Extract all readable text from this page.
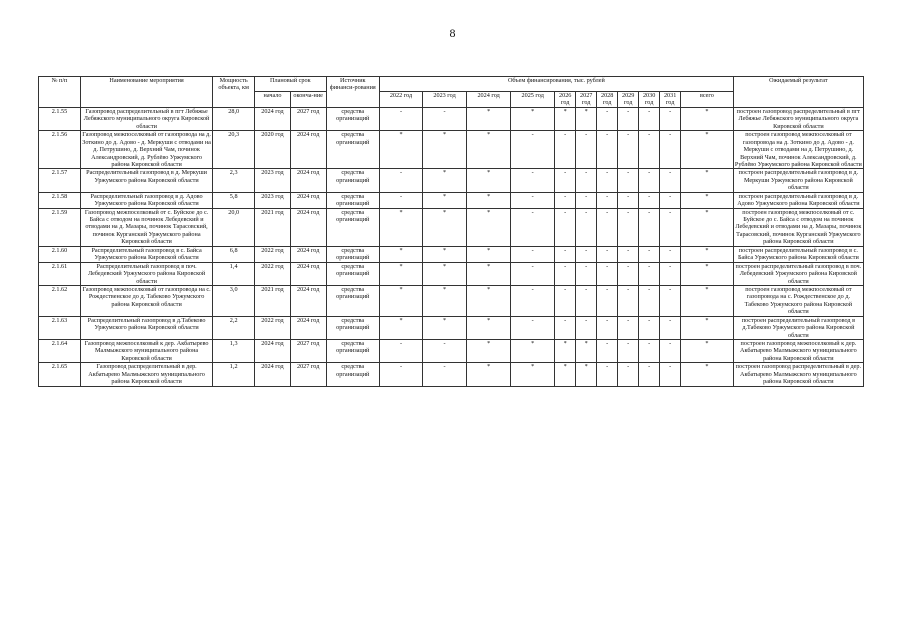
8
№ п/п	Наименование мероприятия	Мощность объекта, км	Плановый срок		Источник финанси-рования	Объем финансирования, тыс. рублей											Ожидаемый результат
			начало	оконча-ние		2022 год	2023 год	2024 год	2025 год	2026 год	2027 год	2028 год	2029 год	2030 год	2031 год	всего	

2.1.55	Газопровод распределительный в пгт Лебяжье Лебяжского муниципального округа Кировской области	28,0	2024 год	2027 год	средства организаций	-	-	*	*	*	*	-	-	-	-	*	построен газопровод распределительный в пгт Лебяжье Лебяжского муниципального округа Кировской области
2.1.56	Газопровод межпоселковый от газопровода на д. Зоткино до д. Адово - д. Меркуши с отводами на д. Петрушино, д. Верхний Чам, починок Александровский, д. Рублёво Уржумского района Кировской области	20,3	2020 год	2024 год	средства организаций	*	*	*	-	-	-	-	-	-	-	*	построен газопровод межпоселковый от газопровода на д. Зоткино до д. Адово - д. Меркуши с отводами на д. Петрушино, д. Верхний Чам, починок Александровский, д. Рублёво Уржумского района Кировской области
2.1.57	Распределительный газопровод в д. Меркуши Уржумского района Кировской области	2,3	2023 год	2024 год	средства организаций	-	*	*	-	-	-	-	-	-	-	*	построен распределительный газопровод в д. Меркуши Уржумского района Кировской области
2.1.58	Распределительный газопровод в д. Адово Уржумского района Кировской области	5,8	2023 год	2024 год	средства организаций	-	*	*	-	-	-	-	-	-	-	*	построен распределительный газопровод в д. Адово Уржумского района Кировской области
2.1.59	Газопровод межпоселковый от с. Буйское до с. Байса с отводом на починок Лебедевский и отводами на д. Мазары, починок Тарасовский, починок Курганский Уржумского района Кировской области	20,0	2021 год	2024 год	средства организаций	*	*	*	-	-	-	-	-	-	-	*	построен газопровод межпоселковый от с. Буйское до с. Байса с отводом на починок Лебедевский и отводами на д. Мазары, починок Тарасовский, починок Курганский Уржумского района Кировской области
2.1.60	Распределительный газопровод в с. Байса Уржумского района Кировской области	6,8	2022 год	2024 год	средства организаций	*	*	*	-	-	-	-	-	-	-	*	построен распределительный газопровод в с. Байса Уржумского района Кировской области
2.1.61	Распределительный газопровод в поч. Лебедевский Уржумского района Кировской области	1,4	2022 год	2024 год	средства организаций	*	*	*	-	-	-	-	-	-	-	*	построен распределительный газопровод в поч. Лебедевский Уржумского района Кировской области
2.1.62	Газопровод межпоселковый от газопровода на с. Рождественское до д. Табеково Уржумского района Кировской области	3,0	2021 год	2024 год	средства организаций	*	*	*	-	-	-	-	-	-	-	*	построен газопровод межпоселковый от газопровода на с. Рождественское до д. Табеково Уржумского района Кировской области
2.1.63	Распределительный газопровод в д.Табеково Уржумского района Кировской области	2,2	2022 год	2024 год	средства организаций	*	*	*	-	-	-	-	-	-	-	*	построен распределительный газопровод в д.Табеково Уржумского района Кировской области
2.1.64	Газопровод межпоселковый к дер. Акбатырево Малмыжского муниципального района Кировской области	1,3	2024 год	2027 год	средства организаций	-	-	*	*	*	*	-	-	-	-	*	построен газопровод межпоселковый к дер. Акбатырево Малмыжского муниципального района Кировской области
2.1.65	Газопровод распределительный в дер. Акбатырево Малмыжского муниципального района Кировской области	1,2	2024 год	2027 год	средства организаций	-	-	*	*	*	*	-	-	-	-	*	построен газопровод распределительный в дер. Акбатырево Малмыжского муниципального района Кировской области
